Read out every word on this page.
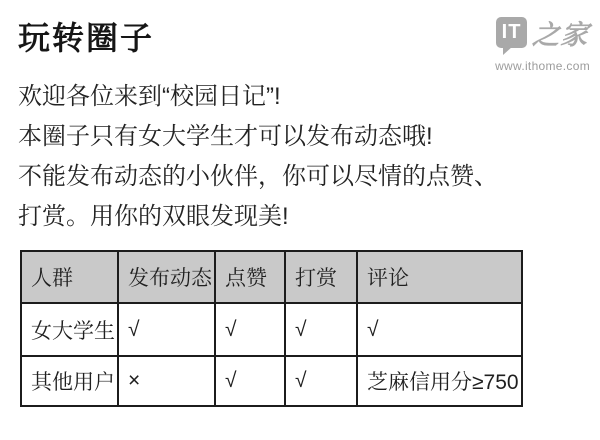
玩转圈子	IT 之家
www.ithome.com

欢迎各位来到“校园日记”!

本圈子只有女大学生才可以发布动态哦!

不能发布动态的小伙伴，你可以尽情的点赞、

打赏。用你的双眼发现美!

人群	发布动态	点赞	打赏	评论
女大学生	√	√	√	√
其他用户	×	√	√	芝麻信用分≥750
